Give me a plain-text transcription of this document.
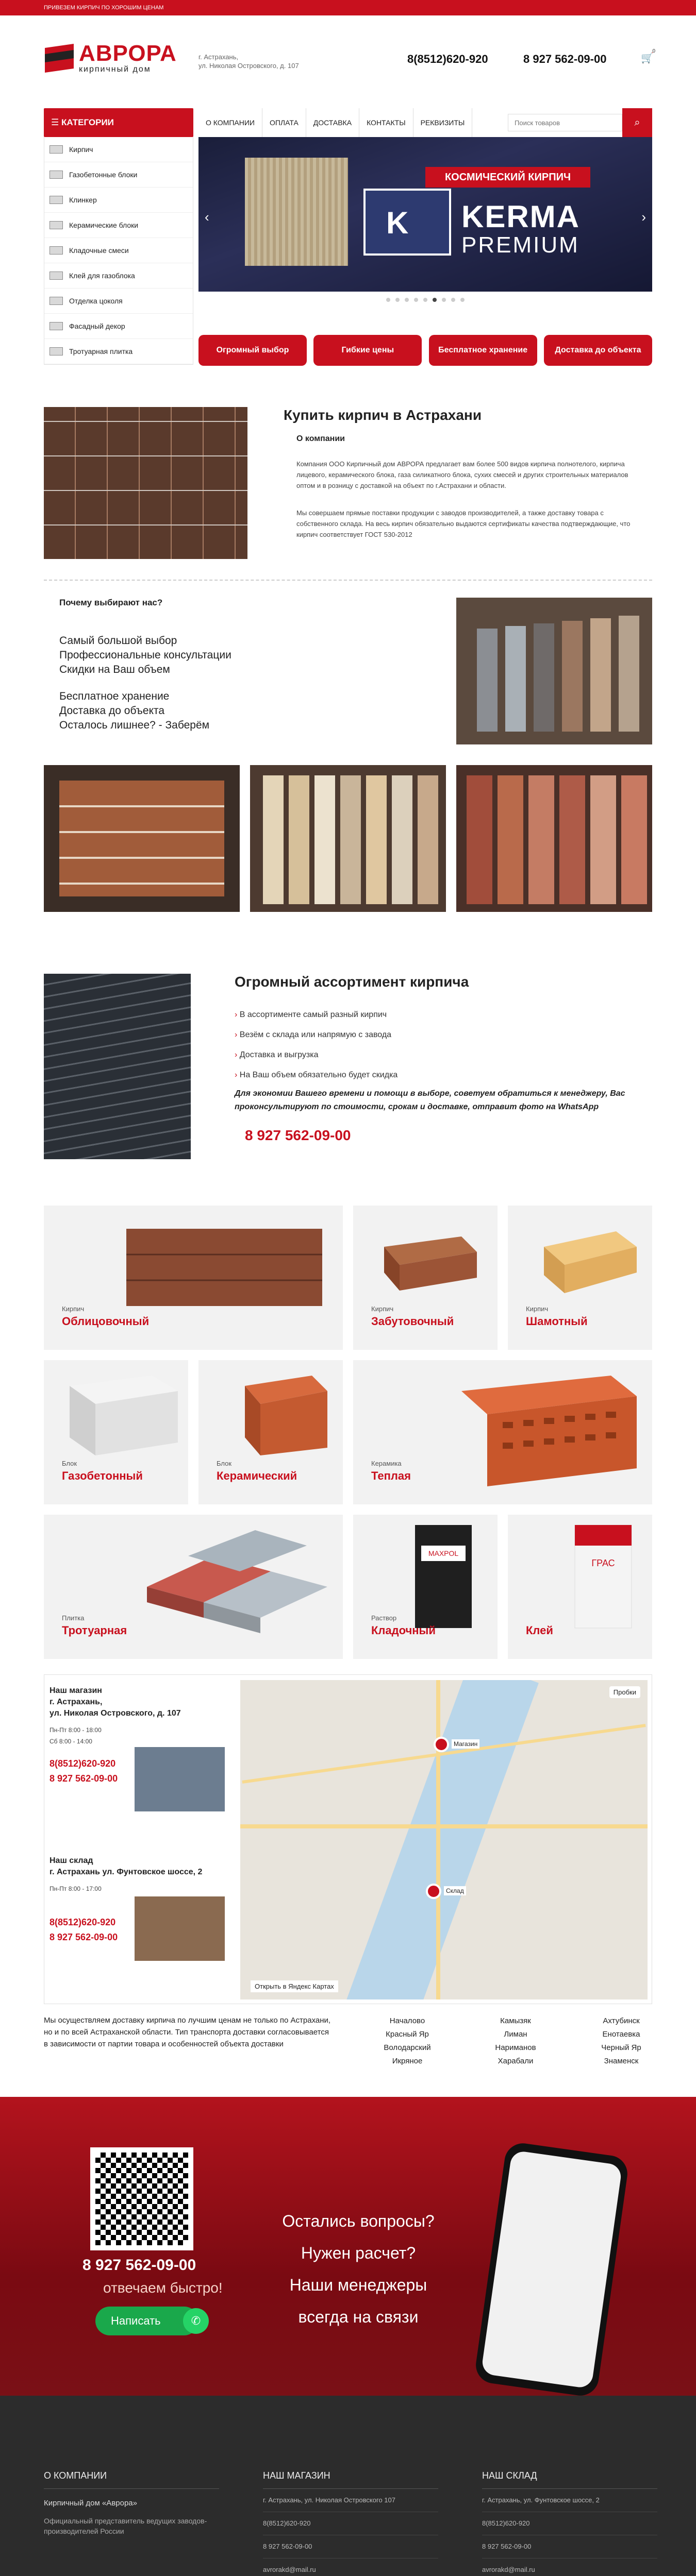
ПРИВЕЗЕМ КИРПИЧ ПО ХОРОШИМ ЦЕНАМ
АВРОРА
кирпичный дом
г. Астрахань,
ул. Николая Островского, д. 107
8(8512)620-920	8 927 562-09-00	🛒
0
☰ КАТЕГОРИИ	О КОМПАНИИ	ОПЛАТА	ДОСТАВКА	КОНТАКТЫ	РЕКВИЗИТЫ
Поиск товаров	⌕
Кирпич
Газобетонные блоки
Клинкер
Керамические блоки
Кладочные смеси
Клей для газоблока
Отделка цоколя
Фасадный декор
Тротуарная плитка
КОСМИЧЕСКИЙ КИРПИЧ
K KERMA
PREMIUM
‹	›
Огромный выбор	Гибкие цены	Бесплатное хранение	Доставка до объекта
Купить кирпич в Астрахани
О компании

Компания ООО Кирпичный дом АВРОРА предлагает вам более 500 видов кирпича полнотелого, кирпича лицевого, керамического блока, газа силикатного блока, сухих смесей и других строительных материалов оптом и в розницу с доставкой на объект по г.Астрахани и области.

Мы совершаем прямые поставки продукции с заводов производителей, а также доставку товара с собственного склада. На весь кирпич обязательно выдаются сертификаты качества подтверждающие, что кирпич соответствует ГОСТ 530-2012

Почему выбирают нас?
Самый большой выбор
Профессиональные консультации
Скидки на Ваш объем
Бесплатное хранение
Доставка до объекта
Осталось лишнее? - Заберём
Огромный ассортимент кирпича
› В ассортименте самый разный кирпич
› Везём с склада или напрямую с завода
› Доставка и выгрузка
› На Ваш объем обязательно будет скидка
Для экономии Вашего времени и помощи в выборе, советуем обратиться к менеджеру, Вас проконсультируют по стоимости, срокам и доставке, отправит фото на WhatsApp
8 927 562-09-00
Кирпич
Облицовочный
Кирпич
Забутовочный
Кирпич
Шамотный
Блок
Газобетонный
Блок
Керамический
Керамика
Теплая
Плитка
Тротуарная
MAXPOL
Раствор
Кладочный
ГРАС
Клей
Наш магазин
г. Астрахань,
ул. Николая Островского, д. 107
Пн-Пт 8:00 - 18:00
Сб 8:00 - 14:00
8(8512)620-920
8 927 562-09-00
Наш склад
г. Астрахань ул. Фунтовское шоссе, 2
Пн-Пт 8:00 - 17:00
8(8512)620-920
8 927 562-09-00
Магазин
Склад
Пробки
Открыть в Яндекс Картах

Мы осуществляем доставку кирпича по лучшим ценам не только по Астрахани, но и по всей Астраханской области. Тип транспорта доставки согласовывается в зависимости от партии товара и особенностей объекта доставки

Началово
Красный Яр
Володарский
Икряное
Камызяк
Лиман
Нариманов
Харабали
Ахтубинск
Енотаевка
Черный Яр
Знаменск
8 927 562-09-00
отвечаем быстро!
Написать	✆
Остались вопросы?
Нужен расчет?
Наши менеджеры
всегда на связи
О КОМПАНИИ
Кирпичный дом «Аврора»
Официальный представитель ведущих заводов-производителей России
НАШ МАГАЗИН
г. Астрахань, ул. Николая Островского 107
8(8512)620-920
8 927 562-09-00
avrorakd@mail.ru
НАШ СКЛАД
г. Астрахань, ул. Фунтовское шоссе, 2
8(8512)620-920
8 927 562-09-00
avrorakd@mail.ru
